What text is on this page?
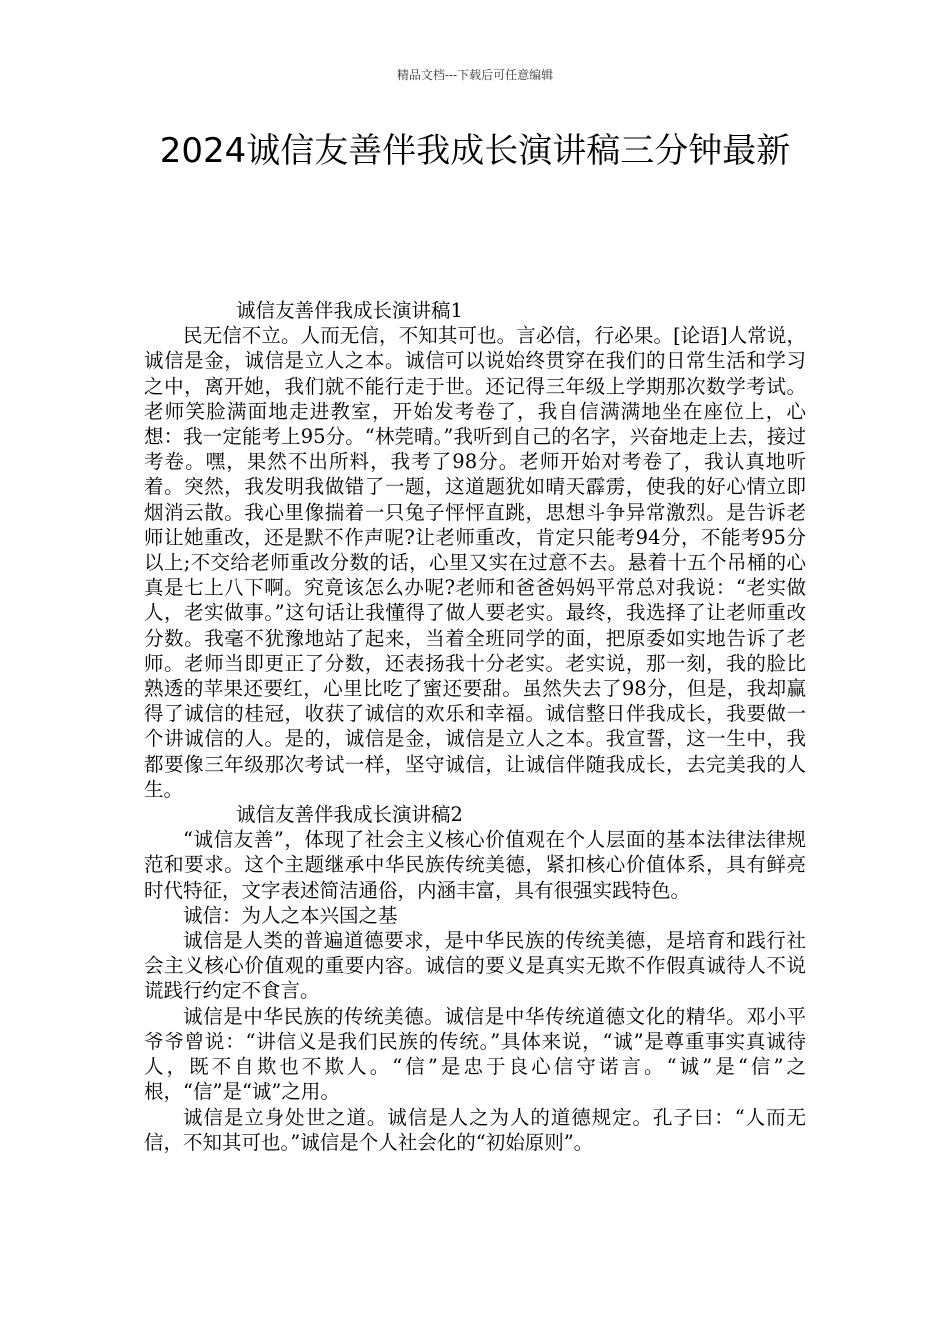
精品文档---下载后可任意编辑
2024诚信友善伴我成长演讲稿三分钟最新

诚信友善伴我成长演讲稿1

民无信不立。人而无信，不知其可也。言必信，行必果。[论语]人常说，诚信是金，诚信是立人之本。诚信可以说始终贯穿在我们的日常生活和学习之中，离开她，我们就不能行走于世。还记得三年级上学期那次数学考试。老师笑脸满面地走进教室，开始发考卷了，我自信满满地坐在座位上，心想：我一定能考上95分。“林莞晴。”我听到自己的名字，兴奋地走上去，接过考卷。嘿，果然不出所料，我考了98分。老师开始对考卷了，我认真地听着。突然，我发明我做错了一题，这道题犹如晴天霹雳，使我的好心情立即烟消云散。我心里像揣着一只兔子怦怦直跳，思想斗争异常激烈。是告诉老师让她重改，还是默不作声呢?让老师重改，肯定只能考94分，不能考95分以上;不交给老师重改分数的话，心里又实在过意不去。悬着十五个吊桶的心真是七上八下啊。究竟该怎么办呢?老师和爸爸妈妈平常总对我说：“老实做人，老实做事。”这句话让我懂得了做人要老实。最终，我选择了让老师重改分数。我毫不犹豫地站了起来，当着全班同学的面，把原委如实地告诉了老师。老师当即更正了分数，还表扬我十分老实。老实说，那一刻，我的脸比熟透的苹果还要红，心里比吃了蜜还要甜。虽然失去了98分，但是，我却赢得了诚信的桂冠，收获了诚信的欢乐和幸福。诚信整日伴我成长，我要做一个讲诚信的人。是的，诚信是金，诚信是立人之本。我宣誓，这一生中，我都要像三年级那次考试一样，坚守诚信，让诚信伴随我成长，去完美我的人生。

诚信友善伴我成长演讲稿2

“诚信友善”，体现了社会主义核心价值观在个人层面的基本法律法律规范和要求。这个主题继承中华民族传统美德，紧扣核心价值体系，具有鲜亮时代特征，文字表述简洁通俗，内涵丰富，具有很强实践特色。

诚信：为人之本兴国之基

诚信是人类的普遍道德要求，是中华民族的传统美德，是培育和践行社会主义核心价值观的重要内容。诚信的要义是真实无欺不作假真诚待人不说谎践行约定不食言。

诚信是中华民族的传统美德。诚信是中华传统道德文化的精华。邓小平爷爷曾说：“讲信义是我们民族的传统。”具体来说，“诚”是尊重事实真诚待人，既不自欺也不欺人。“信”是忠于良心信守诺言。“诚”是“信”之根，“信”是“诚”之用。

诚信是立身处世之道。诚信是人之为人的道德规定。孔子曰：“人而无信，不知其可也。”诚信是个人社会化的“初始原则”。
